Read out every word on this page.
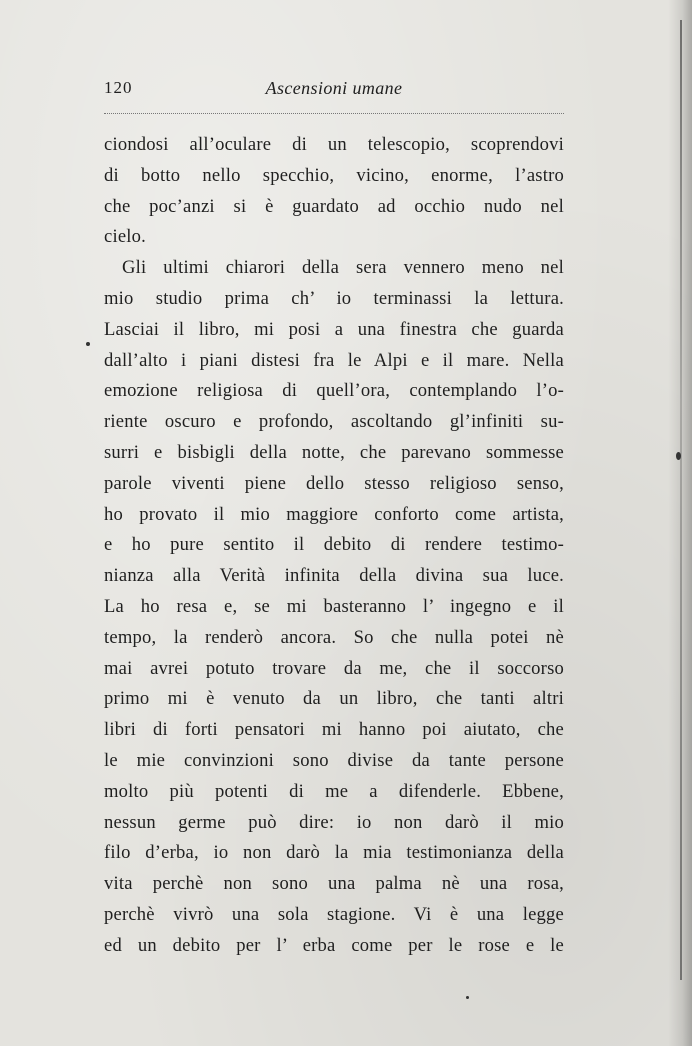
120	Ascensioni umane
ciondosi all’oculare di un telescopio, scoprendovi
di botto nello specchio, vicino, enorme, l’astro
che poc’anzi si è guardato ad occhio nudo nel
cielo.
Gli ultimi chiarori della sera vennero meno nel
mio studio prima ch’ io terminassi la lettura.
Lasciai il libro, mi posi a una finestra che guarda
dall’alto i piani distesi fra le Alpi e il mare. Nella
emozione religiosa di quell’ora, contemplando l’o-
riente oscuro e profondo, ascoltando gl’infiniti su-
surri e bisbigli della notte, che parevano sommesse
parole viventi piene dello stesso religioso senso,
ho provato il mio maggiore conforto come artista,
e ho pure sentito il debito di rendere testimo-
nianza alla Verità infinita della divina sua luce.
La ho resa e, se mi basteranno l’ ingegno e il
tempo, la renderò ancora. So che nulla potei nè
mai avrei potuto trovare da me, che il soccorso
primo mi è venuto da un libro, che tanti altri
libri di forti pensatori mi hanno poi aiutato, che
le mie convinzioni sono divise da tante persone
molto più potenti di me a difenderle. Ebbene,
nessun germe può dire: io non darò il mio
filo d’erba, io non darò la mia testimonianza della
vita perchè non sono una palma nè una rosa,
perchè vivrò una sola stagione. Vi è una legge
ed un debito per l’ erba come per le rose e le
